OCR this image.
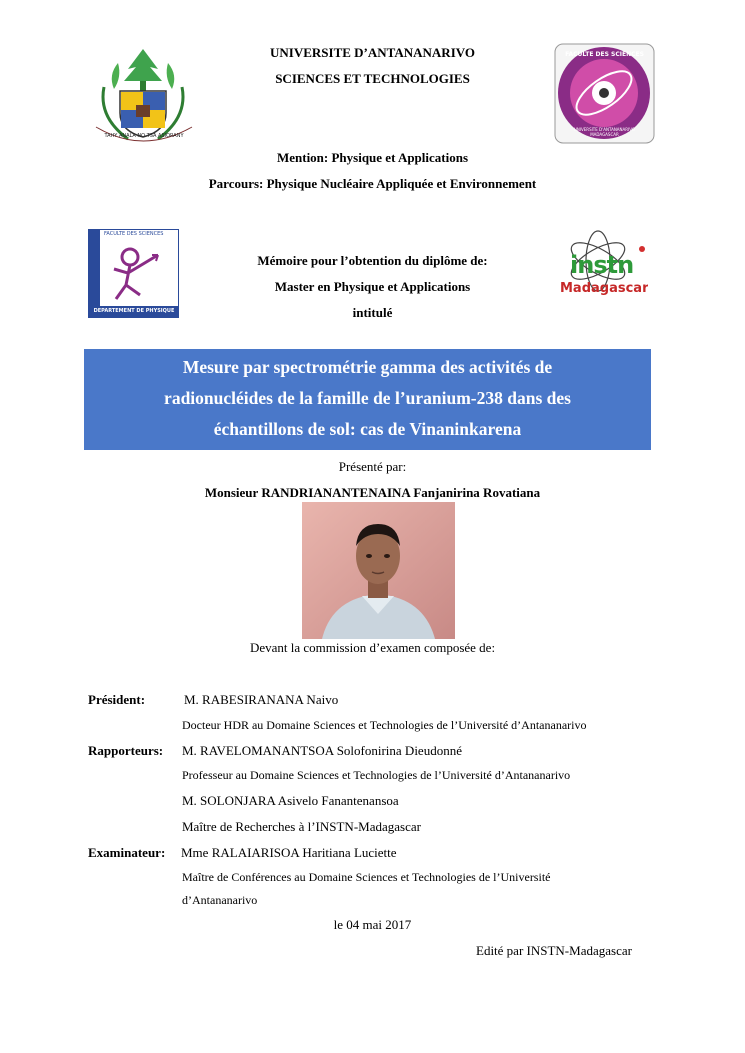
TAHY ANALA NO TSA ASIORANY
UNIVERSITE D’ANTANANARIVO
SCIENCES ET TECHNOLOGIES
FACULTE DES SCIENCES
UNIVERSITE D'ANTANANARIVO MADAGASCAR
Mention: Physique et Applications
Parcours: Physique Nucléaire Appliquée et Environnement
FACULTE DES SCIENCES
DEPARTEMENT DE PHYSIQUE
Mémoire pour l’obtention du diplôme de:
Master en Physique et Applications
intitulé
instn
Madagascar
Mesure par spectrométrie gamma des activités de
radionucléides de la famille de l’uranium-238 dans des
échantillons de sol: cas de Vinaninkarena
Présenté par:
Monsieur RANDRIANANTENAINA Fanjanirina Rovatiana
Devant la commission d’examen composée de:
Président:	M. RABESIRANANA Naivo
Docteur HDR au Domaine Sciences et Technologies de l’Université d’Antananarivo
Rapporteurs: M. RAVELOMANANTSOA Solofonirina Dieudonné
Professeur au Domaine Sciences et Technologies de l’Université d’Antananarivo
M. SOLONJARA Asivelo Fanantenansoa
Maître de Recherches à l’INSTN-Madagascar
Examinateur: Mme RALAIARISOA Haritiana Luciette
Maître de Conférences au Domaine Sciences et Technologies de l’Université
d’Antananarivo
le 04 mai 2017
Edité par INSTN-Madagascar
